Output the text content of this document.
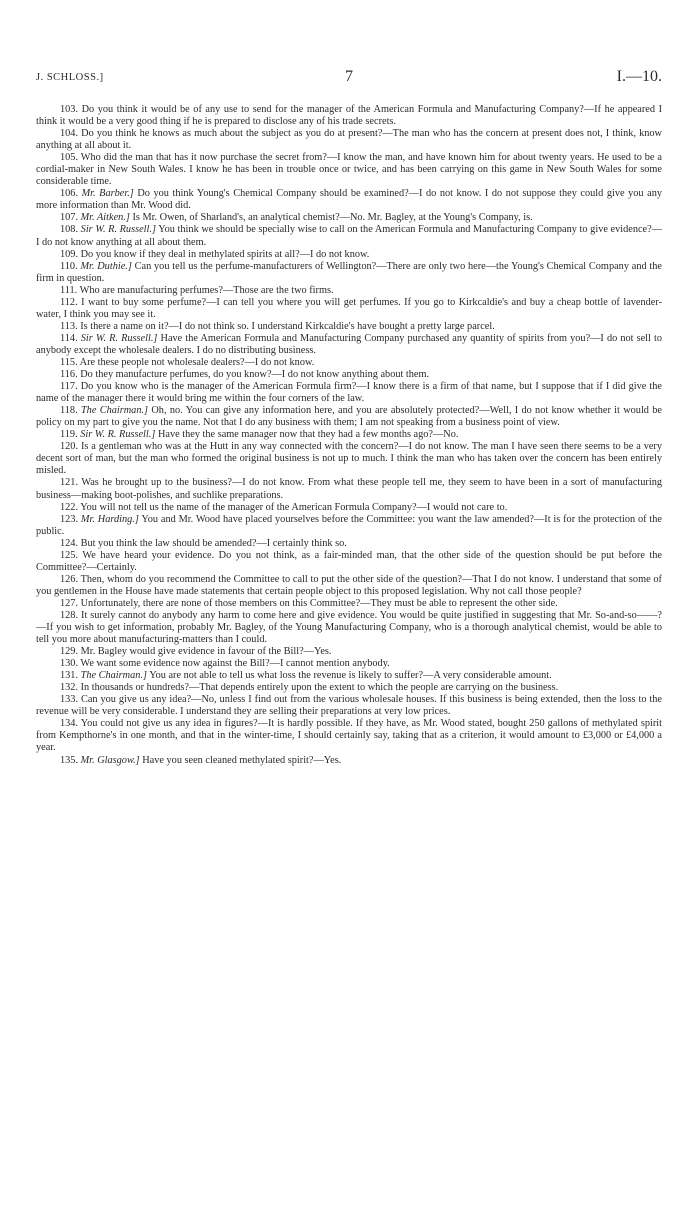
J. SCHLOSS.]	7	I.—10.

103. Do you think it would be of any use to send for the manager of the American Formula and Manufacturing Company?—If he appeared I think it would be a very good thing if he is prepared to disclose any of his trade secrets.

104. Do you think he knows as much about the subject as you do at present?—The man who has the concern at present does not, I think, know anything at all about it.

105. Who did the man that has it now purchase the secret from?—I know the man, and have known him for about twenty years. He used to be a cordial-maker in New South Wales. I know he has been in trouble once or twice, and has been carrying on this game in New South Wales for some considerable time.

106. Mr. Barber.] Do you think Young's Chemical Company should be examined?—I do not know. I do not suppose they could give you any more information than Mr. Wood did.

107. Mr. Aitken.] Is Mr. Owen, of Sharland's, an analytical chemist?—No. Mr. Bagley, at the Young's Company, is.

108. Sir W. R. Russell.] You think we should be specially wise to call on the American Formula and Manufacturing Company to give evidence?—I do not know anything at all about them.

109. Do you know if they deal in methylated spirits at all?—I do not know.

110. Mr. Duthie.] Can you tell us the perfume-manufacturers of Wellington?—There are only two here—the Young's Chemical Company and the firm in question.

111. Who are manufacturing perfumes?—Those are the two firms.

112. I want to buy some perfume?—I can tell you where you will get perfumes. If you go to Kirkcaldie's and buy a cheap bottle of lavender-water, I think you may see it.

113. Is there a name on it?—I do not think so. I understand Kirkcaldie's have bought a pretty large parcel.

114. Sir W. R. Russell.] Have the American Formula and Manufacturing Company purchased any quantity of spirits from you?—I do not sell to anybody except the wholesale dealers. I do no distributing business.

115. Are these people not wholesale dealers?—I do not know.

116. Do they manufacture perfumes, do you know?—I do not know anything about them.

117. Do you know who is the manager of the American Formula firm?—I know there is a firm of that name, but I suppose that if I did give the name of the manager there it would bring me within the four corners of the law.

118. The Chairman.] Oh, no. You can give any information here, and you are absolutely protected?—Well, I do not know whether it would be policy on my part to give you the name. Not that I do any business with them; I am not speaking from a business point of view.

119. Sir W. R. Russell.] Have they the same manager now that they had a few months ago?—No.

120. Is a gentleman who was at the Hutt in any way connected with the concern?—I do not know. The man I have seen there seems to be a very decent sort of man, but the man who formed the original business is not up to much. I think the man who has taken over the concern has been entirely misled.

121. Was he brought up to the business?—I do not know. From what these people tell me, they seem to have been in a sort of manufacturing business—making boot-polishes, and suchlike preparations.

122. You will not tell us the name of the manager of the American Formula Company?—I would not care to.

123. Mr. Harding.] You and Mr. Wood have placed yourselves before the Committee: you want the law amended?—It is for the protection of the public.

124. But you think the law should be amended?—I certainly think so.

125. We have heard your evidence. Do you not think, as a fair-minded man, that the other side of the question should be put before the Committee?—Certainly.

126. Then, whom do you recommend the Committee to call to put the other side of the question?—That I do not know. I understand that some of you gentlemen in the House have made statements that certain people object to this proposed legislation. Why not call those people?

127. Unfortunately, there are none of those members on this Committee?—They must be able to represent the other side.

128. It surely cannot do anybody any harm to come here and give evidence. You would be quite justified in suggesting that Mr. So-and-so——?—If you wish to get information, probably Mr. Bagley, of the Young Manufacturing Company, who is a thorough analytical chemist, would be able to tell you more about manufacturing-matters than I could.

129. Mr. Bagley would give evidence in favour of the Bill?—Yes.

130. We want some evidence now against the Bill?—I cannot mention anybody.

131. The Chairman.] You are not able to tell us what loss the revenue is likely to suffer?—A very considerable amount.

132. In thousands or hundreds?—That depends entirely upon the extent to which the people are carrying on the business.

133. Can you give us any idea?—No, unless I find out from the various wholesale houses. If this business is being extended, then the loss to the revenue will be very considerable. I understand they are selling their preparations at very low prices.

134. You could not give us any idea in figures?—It is hardly possible. If they have, as Mr. Wood stated, bought 250 gallons of methylated spirit from Kempthorne's in one month, and that in the winter-time, I should certainly say, taking that as a criterion, it would amount to £3,000 or £4,000 a year.

135. Mr. Glasgow.] Have you seen cleaned methylated spirit?—Yes.
